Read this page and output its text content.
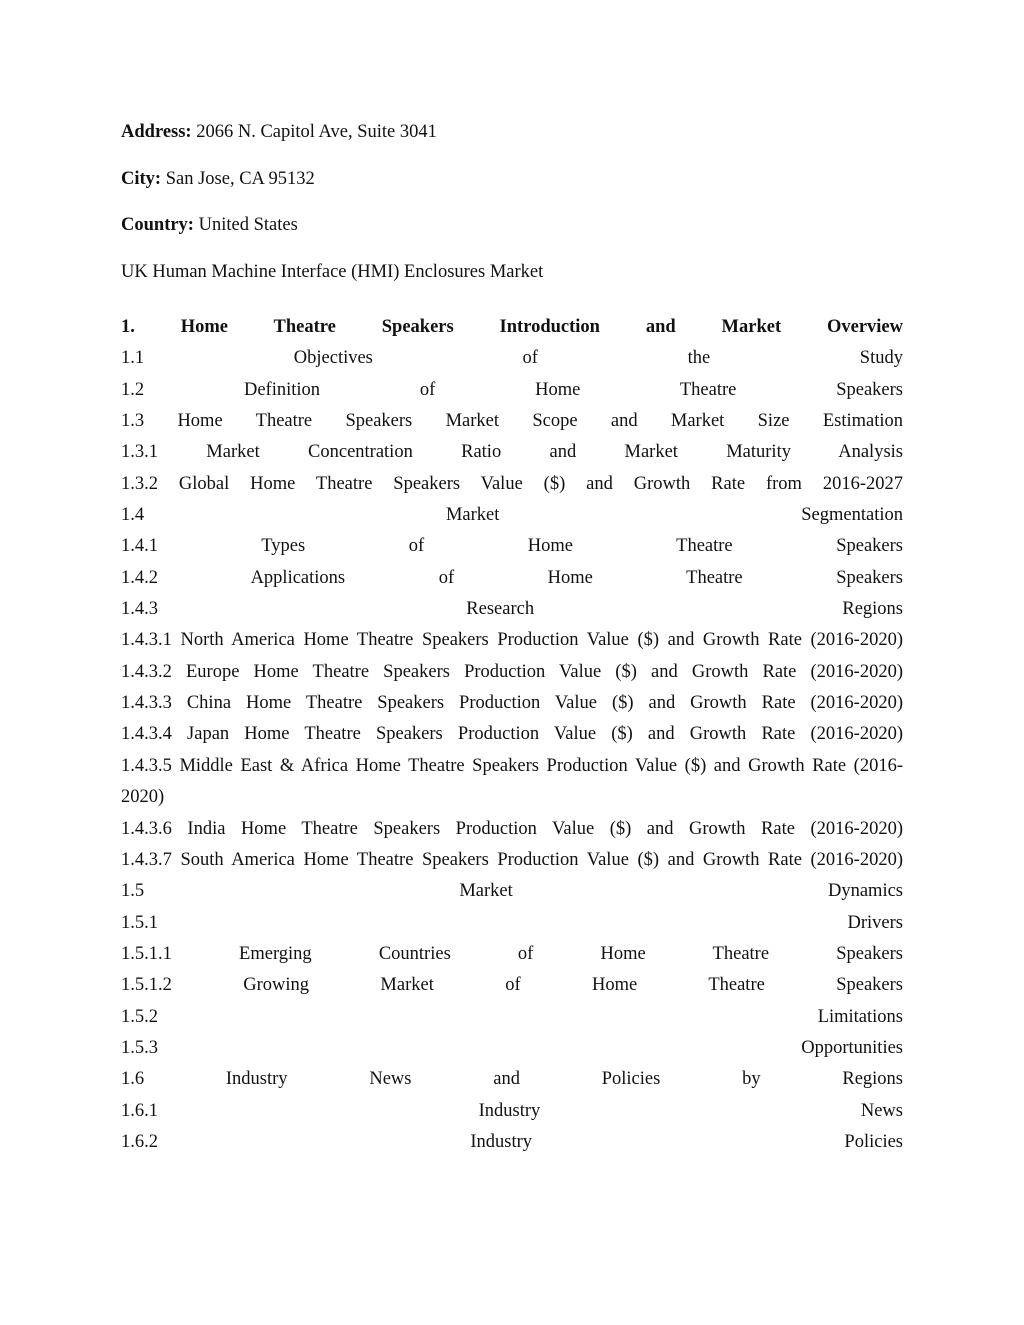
Address: 2066 N. Capitol Ave, Suite 3041
City: San Jose, CA 95132
Country: United States
UK Human Machine Interface (HMI) Enclosures Market
1. Home Theatre Speakers Introduction and Market Overview
1.1 Objectives of the Study
1.2 Definition of Home Theatre Speakers
1.3 Home Theatre Speakers Market Scope and Market Size Estimation
1.3.1 Market Concentration Ratio and Market Maturity Analysis
1.3.2 Global Home Theatre Speakers Value ($) and Growth Rate from 2016-2027
1.4 Market Segmentation
1.4.1 Types of Home Theatre Speakers
1.4.2 Applications of Home Theatre Speakers
1.4.3 Research Regions
1.4.3.1 North America Home Theatre Speakers Production Value ($) and Growth Rate (2016-2020)
1.4.3.2 Europe Home Theatre Speakers Production Value ($) and Growth Rate (2016-2020)
1.4.3.3 China Home Theatre Speakers Production Value ($) and Growth Rate (2016-2020)
1.4.3.4 Japan Home Theatre Speakers Production Value ($) and Growth Rate (2016-2020)
1.4.3.5 Middle East & Africa Home Theatre Speakers Production Value ($) and Growth Rate (2016-
2020)
1.4.3.6 India Home Theatre Speakers Production Value ($) and Growth Rate (2016-2020)
1.4.3.7 South America Home Theatre Speakers Production Value ($) and Growth Rate (2016-2020)
1.5 Market Dynamics
1.5.1 Drivers
1.5.1.1 Emerging Countries of Home Theatre Speakers
1.5.1.2 Growing Market of Home Theatre Speakers
1.5.2 Limitations
1.5.3 Opportunities
1.6 Industry News and Policies by Regions
1.6.1 Industry News
1.6.2 Industry Policies
